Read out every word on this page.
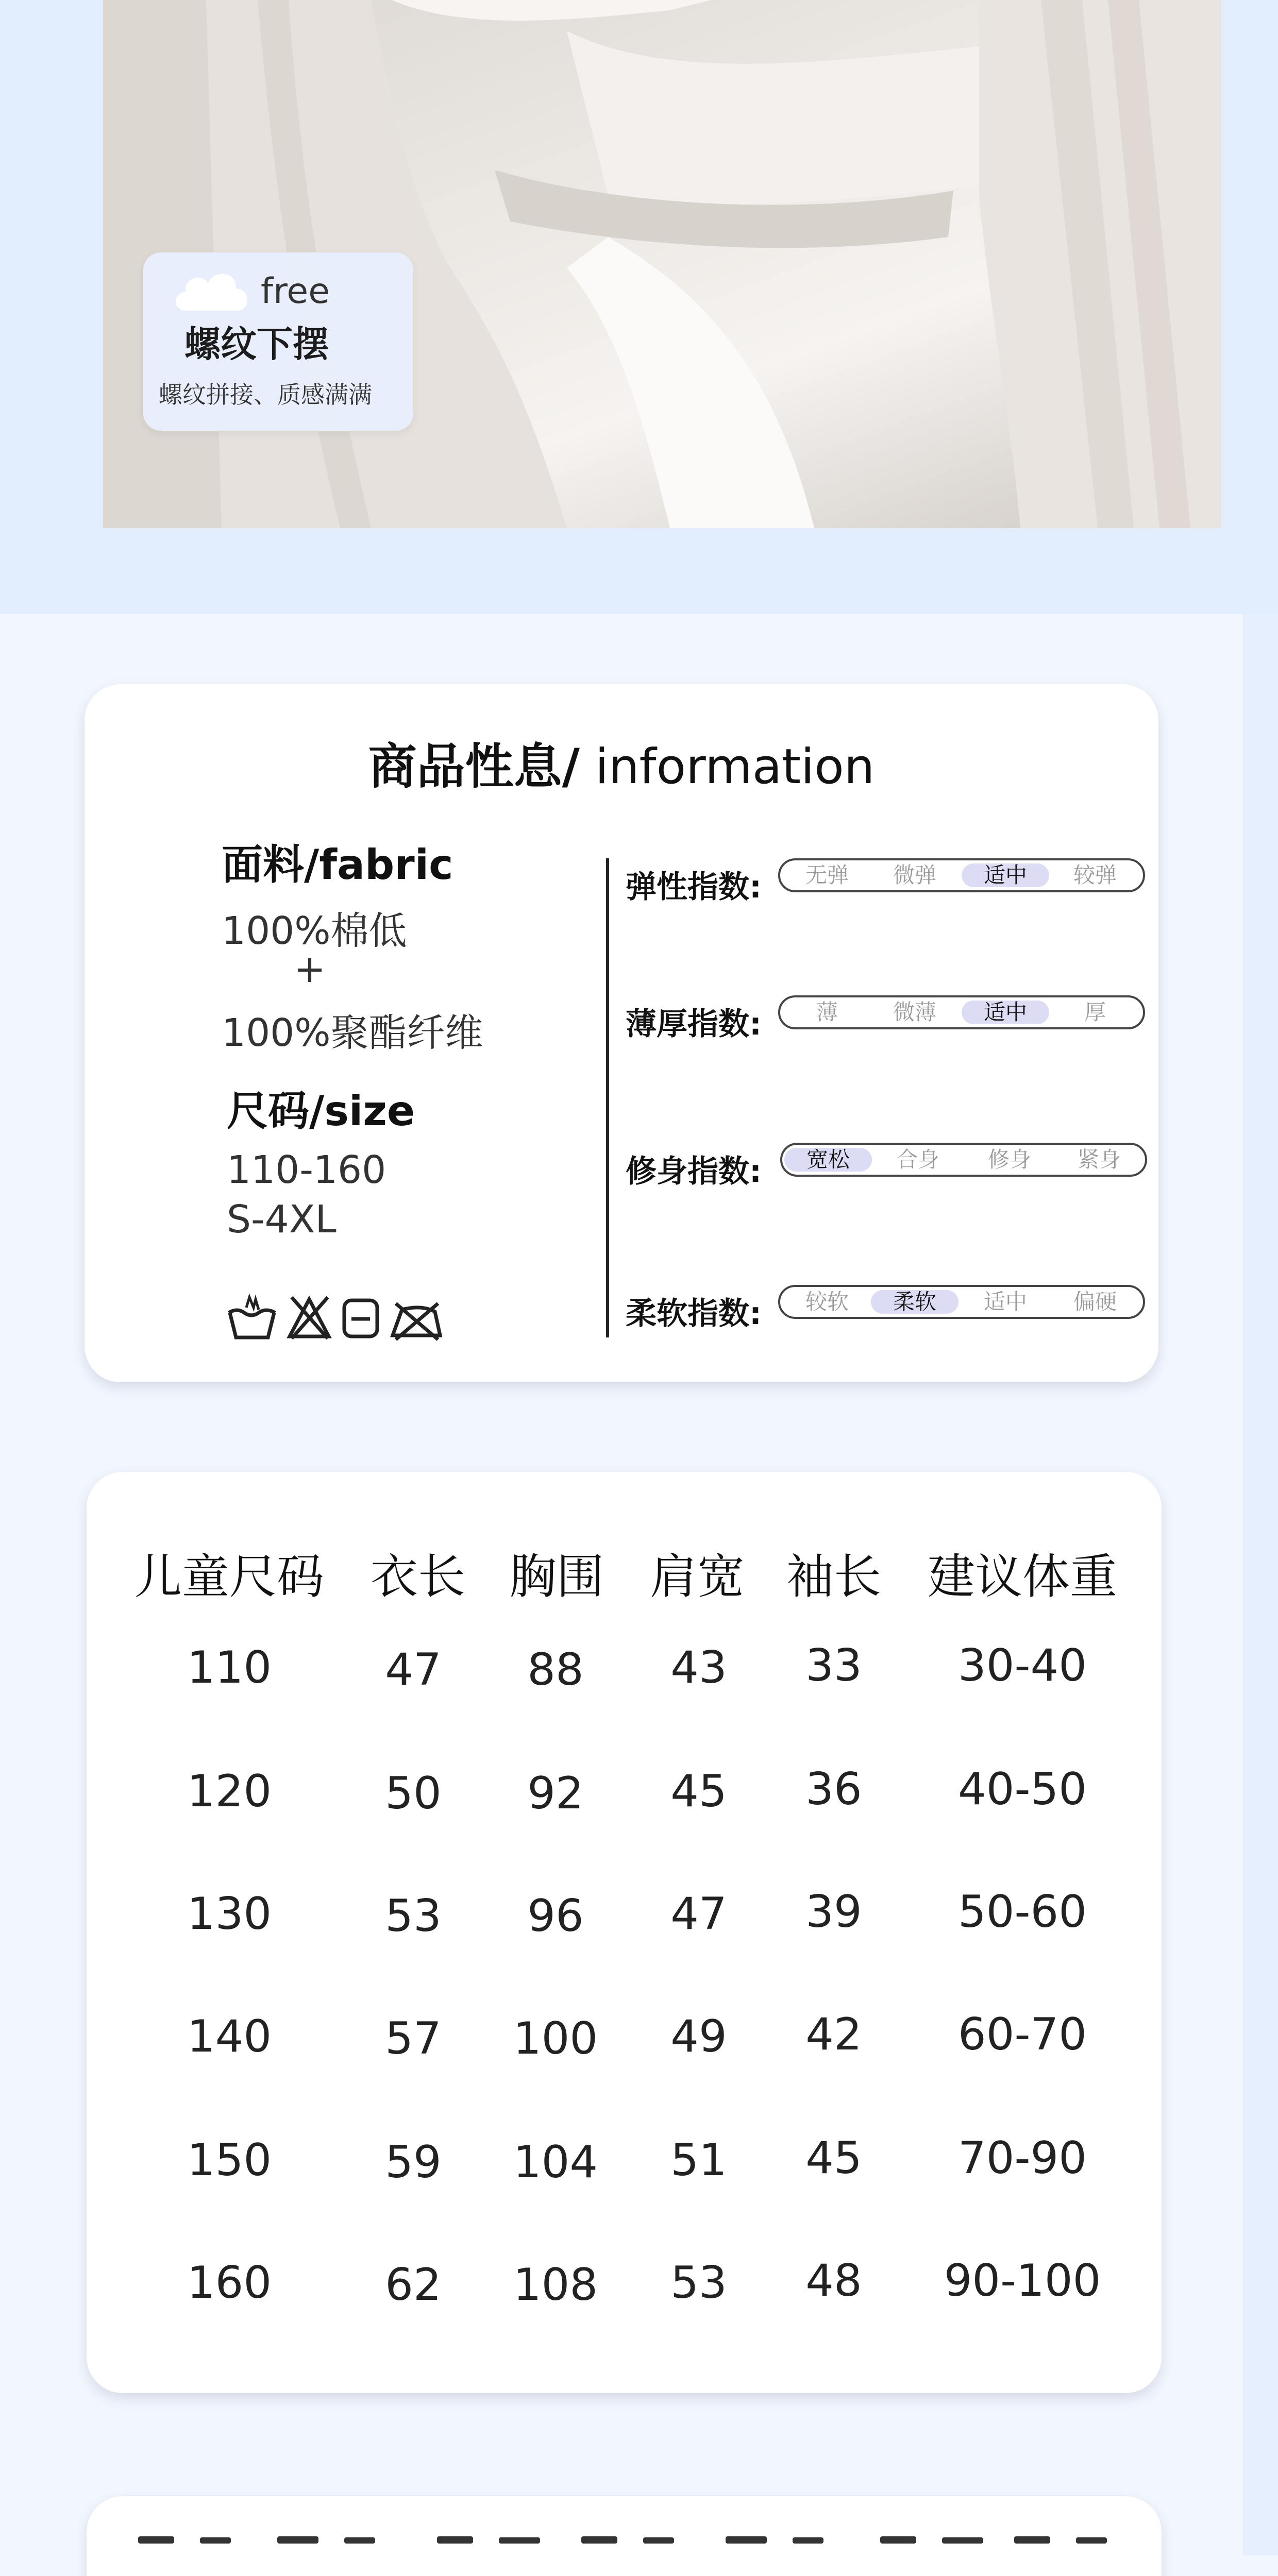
free
螺纹下摆
螺纹拼接、质感满满
商品性息/ information
面料/fabric
100%棉低
+
100%聚酯纤维
尺码/size
110-160
S-4XL
弹性指数:	无弹	微弹	适中	较弹
薄厚指数:	薄	微薄	适中	厚
修身指数:	宽松	合身	修身	紧身
柔软指数:	较软	柔软	适中	偏硬
儿童尺码 衣长 胸围 肩宽 袖长 建议体重
110	47 88 43 33 30-40
120	50 92 45 36 40-50
130	53 96 47 39 50-60
140	57 100 49 42 60-70
150	59 104 51 45 70-90
160	62 108 53 48 90-100
